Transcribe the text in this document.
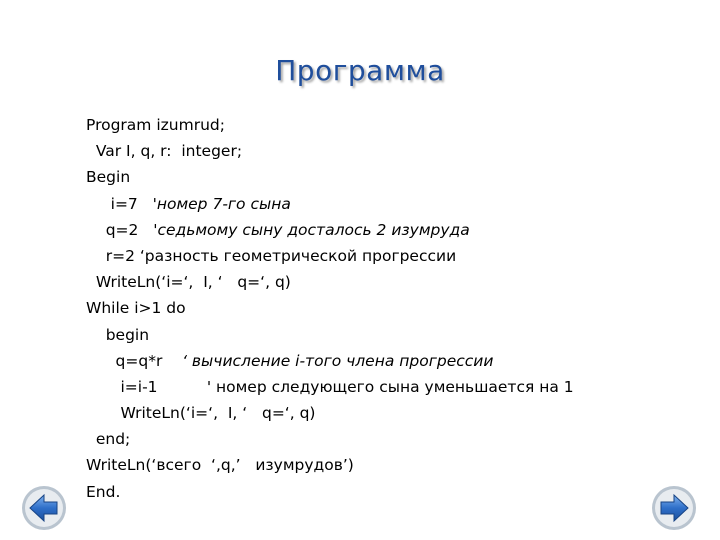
Программа
Program izumrud;
Var I, q, r:  integer;
Begin
i=7   'номер 7-го сына
q=2   'седьмому сыну досталось 2 изумруда
r=2 ‘разность геометрической прогрессии
WriteLn(‘i=‘,  I, ‘   q=‘, q)
While i>1 do
begin
q=q*r    ‘ вычисление i-того члена прогрессии
i=i-1          ' номер следующего сына уменьшается на 1
WriteLn(‘i=‘,  I, ‘   q=‘, q)
end;
WriteLn(‘всего  ‘,q,’   изумрудов’)
End.
